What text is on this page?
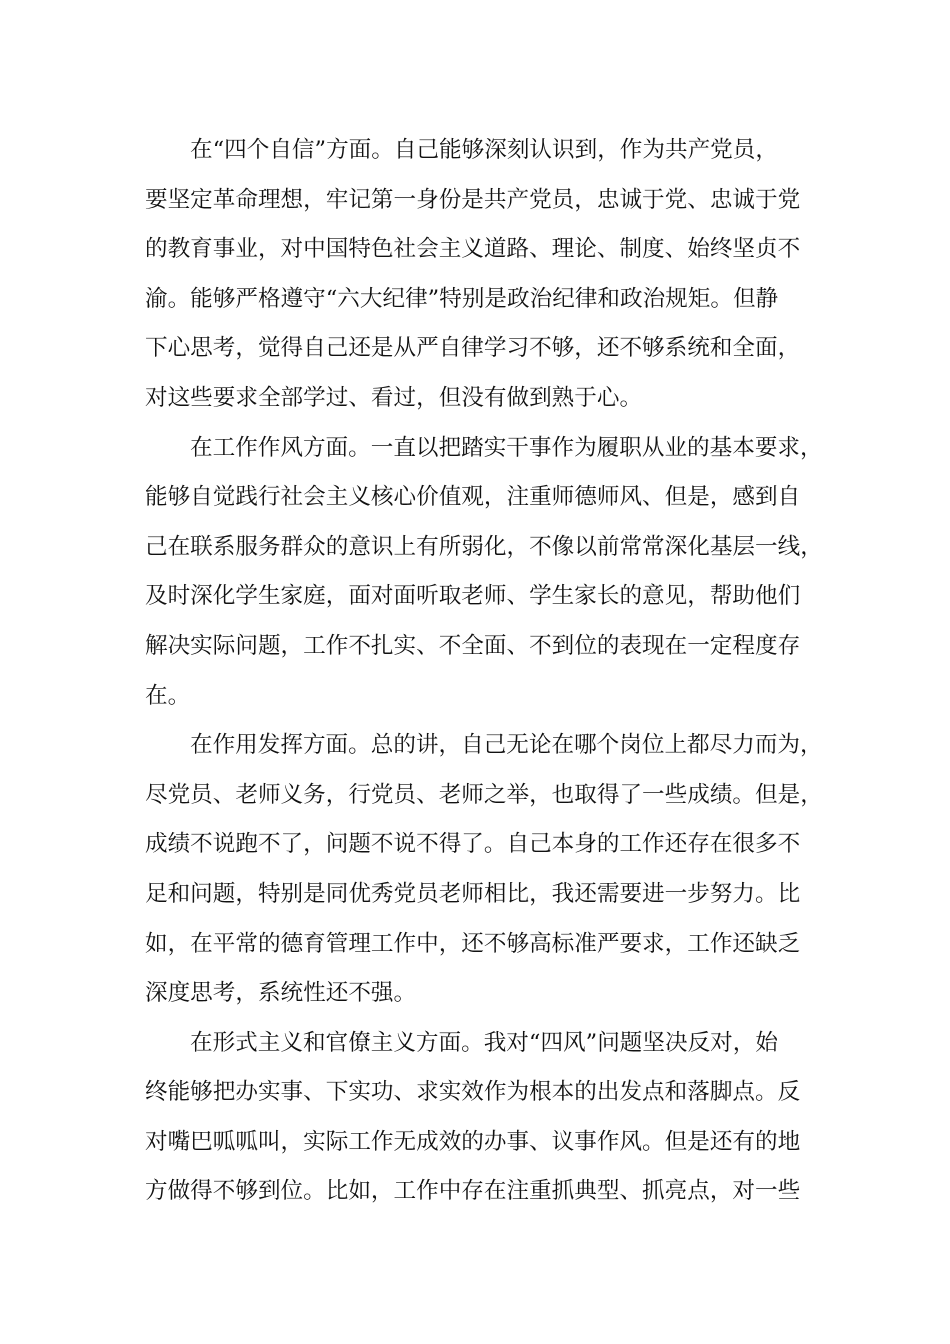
在“四个自信”方面。自己能够深刻认识到，作为共产党员，
要坚定革命理想，牢记第一身份是共产党员，忠诚于党、忠诚于党
的教育事业，对中国特色社会主义道路、理论、制度、始终坚贞不
渝。能够严格遵守“六大纪律”特别是政治纪律和政治规矩。但静
下心思考，觉得自己还是从严自律学习不够，还不够系统和全面，
对这些要求全部学过、看过，但没有做到熟于心。

在工作作风方面。一直以把踏实干事作为履职从业的基本要求，
能够自觉践行社会主义核心价值观，注重师德师风、但是，感到自
己在联系服务群众的意识上有所弱化，不像以前常常深化基层一线，
及时深化学生家庭，面对面听取老师、学生家长的意见，帮助他们
解决实际问题，工作不扎实、不全面、不到位的表现在一定程度存
在。

在作用发挥方面。总的讲，自己无论在哪个岗位上都尽力而为，
尽党员、老师义务，行党员、老师之举，也取得了一些成绩。但是，
成绩不说跑不了，问题不说不得了。自己本身的工作还存在很多不
足和问题，特别是同优秀党员老师相比，我还需要进一步努力。比
如，在平常的德育管理工作中，还不够高标准严要求，工作还缺乏
深度思考，系统性还不强。

在形式主义和官僚主义方面。我对“四风”问题坚决反对，始
终能够把办实事、下实功、求实效作为根本的出发点和落脚点。反
对嘴巴呱呱叫，实际工作无成效的办事、议事作风。但是还有的地
方做得不够到位。比如，工作中存在注重抓典型、抓亮点，对一些
